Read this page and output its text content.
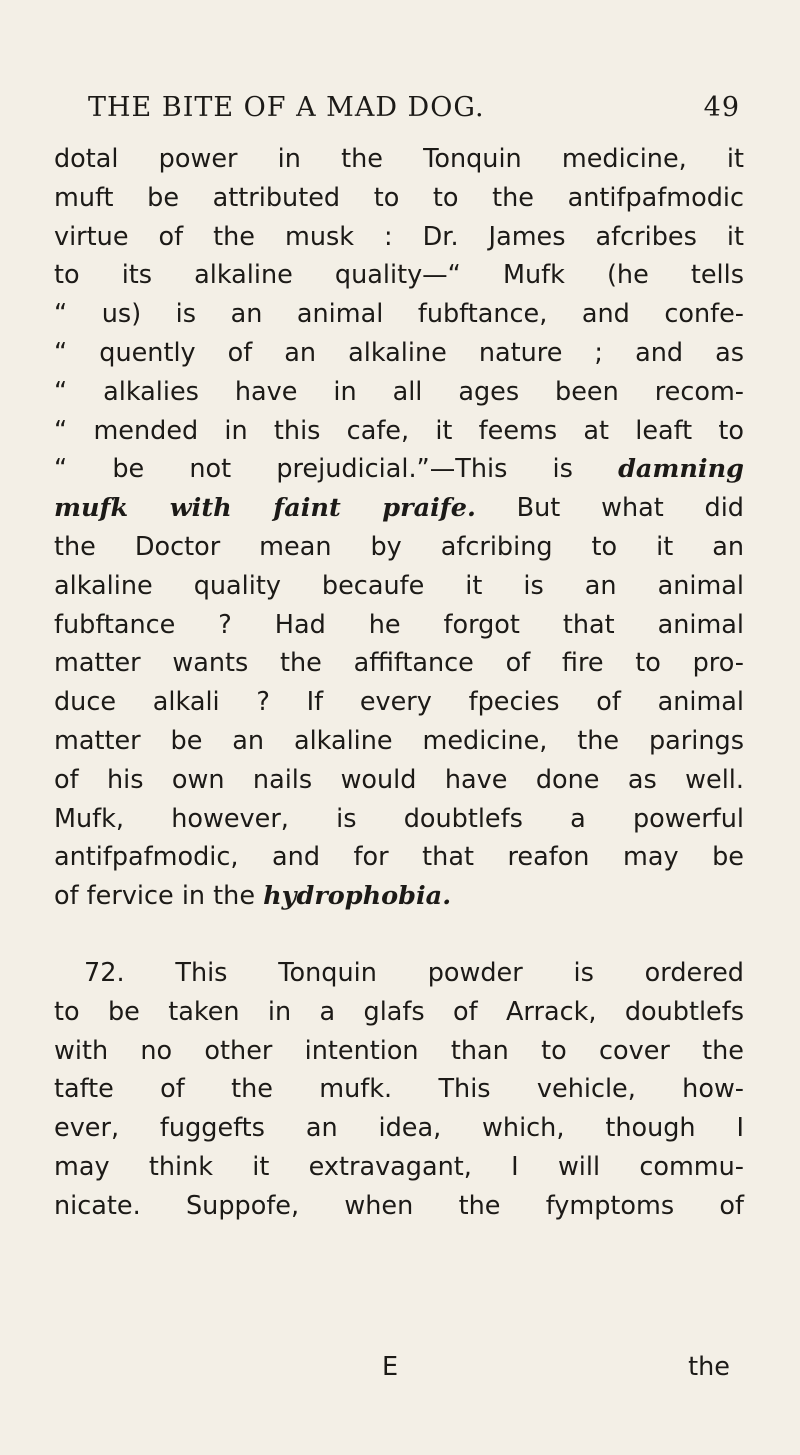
THE BITE OF A MAD DOG.	49
dotal power in the Tonquin medicine, it
muft be attributed to to the antifpafmodic
virtue of the musk : Dr. James afcribes it
to its alkaline quality—“ Mufk (he tells
“ us) is an animal fubftance, and confe-
“ quently of an alkaline nature ; and as
“ alkalies have in all ages been recom-
“ mended in this cafe, it feems at leaft to
“ be not prejudicial.”—This is damning
mufk with faint praife. But what did
the Doctor mean by afcribing to it an
alkaline quality becaufe it is an animal
fubftance ? Had he forgot that animal
matter wants the affiftance of fire to pro-
duce alkali ? If every fpecies of animal
matter be an alkaline medicine, the parings
of his own nails would have done as well.
Mufk, however, is doubtlefs a powerful
antifpafmodic, and for that reafon may be
of fervice in the hydrophobia.
72. This Tonquin powder is ordered
to be taken in a glafs of Arrack, doubtlefs
with no other intention than to cover the
tafte of the mufk. This vehicle, how-
ever, fuggefts an idea, which, though I
may think it extravagant, I will commu-
nicate. Suppofe, when the fymptoms of
E	the
